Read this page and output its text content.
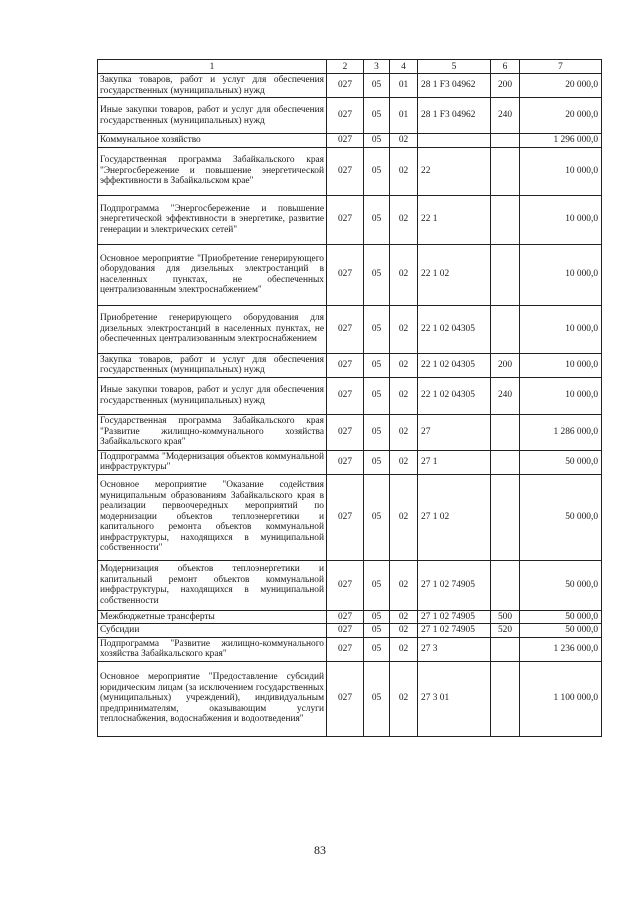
1	2	3	4	5	6	7
Закупка товаров, работ и услуг для обеспечения государственных (муниципальных) нужд	027	05	01	28 1 F3 04962	200	20 000,0
Иные закупки товаров, работ и услуг для обеспечения государственных (муниципальных) нужд	027	05	01	28 1 F3 04962	240	20 000,0
Коммунальное хозяйство	027	05	02			1 296 000,0
Государственная программа Забайкальского края "Энергосбережение и повышение энергетической эффективности в Забайкальском крае"	027	05	02	22		10 000,0
Подпрограмма "Энергосбережение и повышение энергетической эффективности в энергетике, развитие генерации и электрических сетей"	027	05	02	22 1		10 000,0
Основное мероприятие "Приобретение генерирующего оборудования для дизельных электростанций в населенных пунктах, не обеспеченных централизованным электроснабжением"	027	05	02	22 1 02		10 000,0
Приобретение генерирующего оборудования для дизельных электростанций в населенных пунктах, не обеспеченных централизованным электроснабжением	027	05	02	22 1 02 04305		10 000,0
Закупка товаров, работ и услуг для обеспечения государственных (муниципальных) нужд	027	05	02	22 1 02 04305	200	10 000,0
Иные закупки товаров, работ и услуг для обеспечения государственных (муниципальных) нужд	027	05	02	22 1 02 04305	240	10 000,0
Государственная программа Забайкальского края "Развитие жилищно-коммунального хозяйства Забайкальского края"	027	05	02	27		1 286 000,0
Подпрограмма "Модернизация объектов коммунальной инфраструктуры"	027	05	02	27 1		50 000,0
Основное мероприятие "Оказание содействия муниципальным образованиям Забайкальского края в реализации первоочередных мероприятий по модернизации объектов теплоэнергетики и капитального ремонта объектов коммунальной инфраструктуры, находящихся в муниципальной собственности"	027	05	02	27 1 02		50 000,0
Модернизация объектов теплоэнергетики и капитальный ремонт объектов коммунальной инфраструктуры, находящихся в муниципальной собственности	027	05	02	27 1 02 74905		50 000,0
Межбюджетные трансферты	027	05	02	27 1 02 74905	500	50 000,0
Субсидии	027	05	02	27 1 02 74905	520	50 000,0
Подпрограмма "Развитие жилищно-коммунального хозяйства Забайкальского края"	027	05	02	27 3		1 236 000,0
Основное мероприятие "Предоставление субсидий юридическим лицам (за исключением государственных (муниципальных) учреждений), индивидуальным предпринимателям, оказывающим услуги теплоснабжения, водоснабжения и водоотведения"	027	05	02	27 3 01		1 100 000,0
83
